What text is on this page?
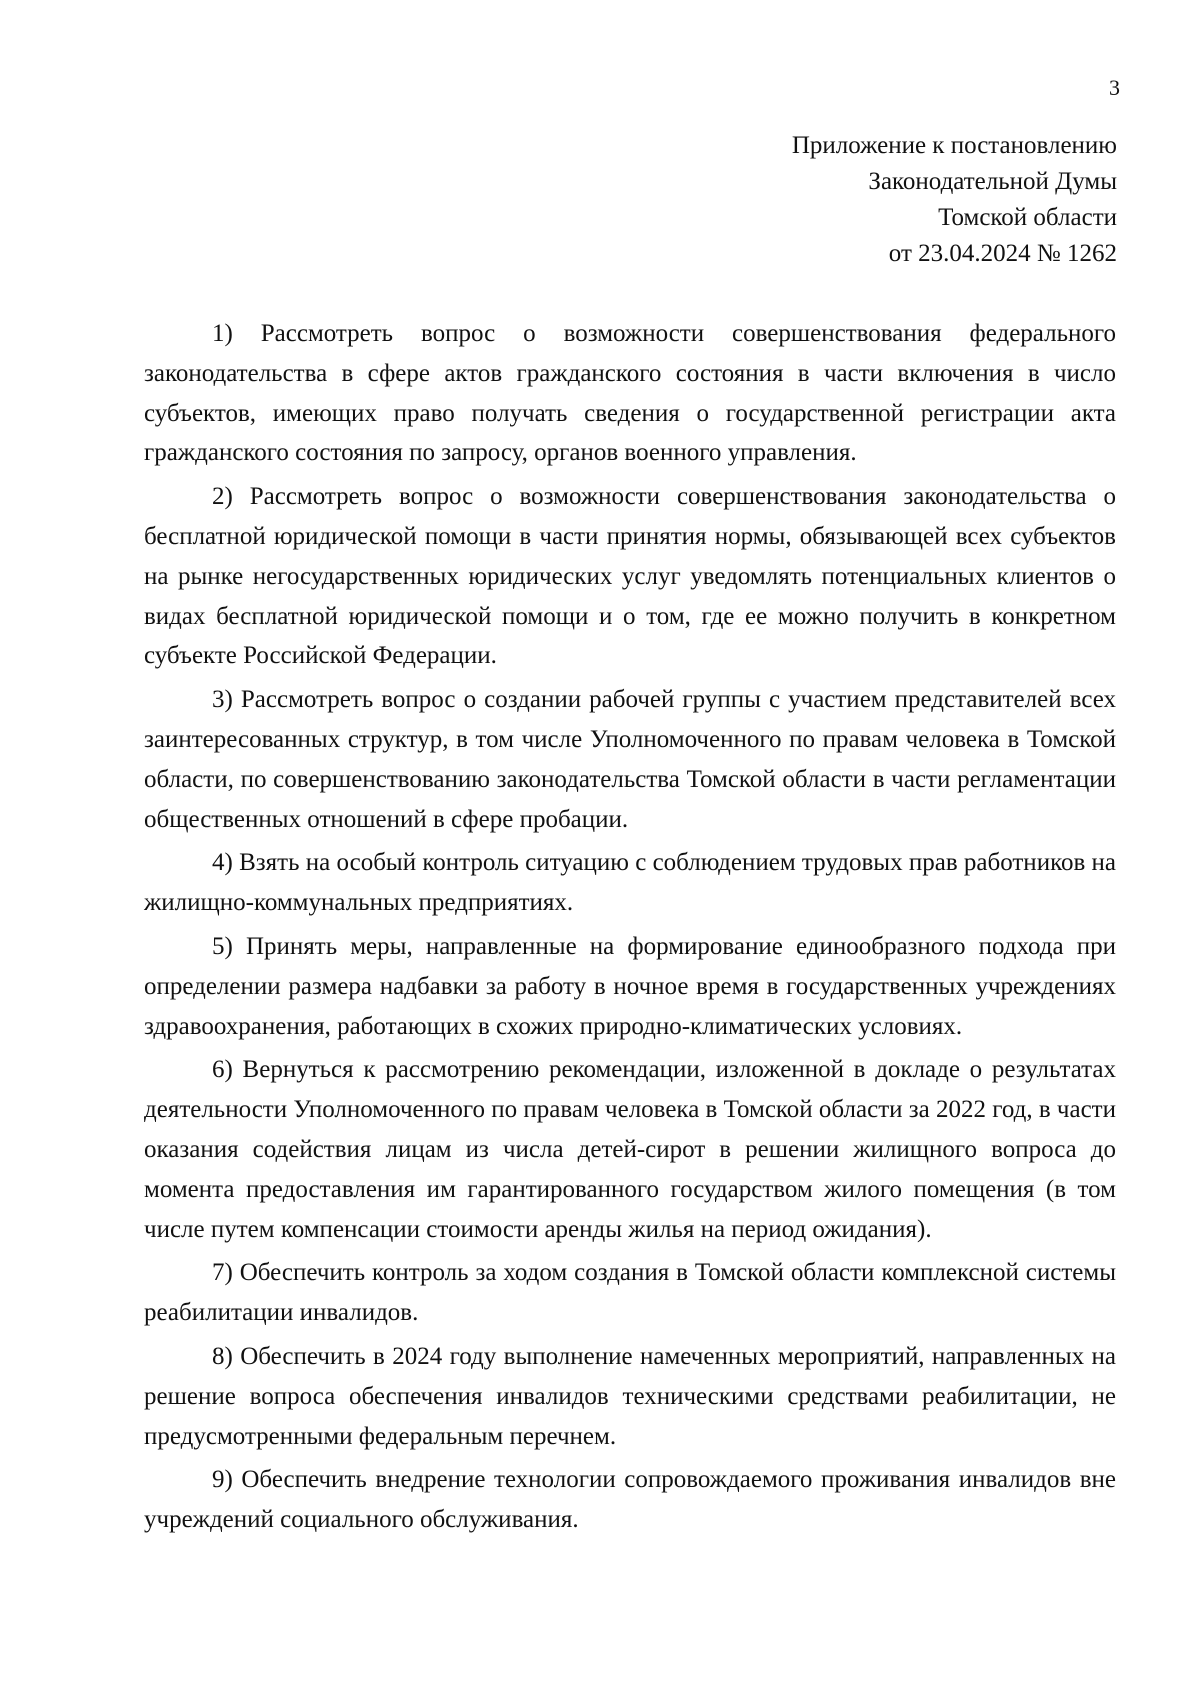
3
Приложение к постановлению
Законодательной Думы
Томской области
от 23.04.2024 № 1262

1) Рассмотреть вопрос о возможности совершенствования федерального законодательства в сфере актов гражданского состояния в части включения в число субъектов, имеющих право получать сведения о государственной регистрации акта гражданского состояния по запросу, органов военного управления.

2) Рассмотреть вопрос о возможности совершенствования законодательства о бесплатной юридической помощи в части принятия нормы, обязывающей всех субъектов на рынке негосударственных юридических услуг уведомлять потенциальных клиентов о видах бесплатной юридической помощи и о том, где ее можно получить в конкретном субъекте Российской Федерации.

3) Рассмотреть вопрос о создании рабочей группы с участием представителей всех заинтересованных структур, в том числе Уполномоченного по правам человека в Томской области, по совершенствованию законодательства Томской области в части регламентации общественных отношений в сфере пробации.

4) Взять на особый контроль ситуацию с соблюдением трудовых прав работников на жилищно-коммунальных предприятиях.

5) Принять меры, направленные на формирование единообразного подхода при определении размера надбавки за работу в ночное время в государственных учреждениях здравоохранения, работающих в схожих природно-климатических условиях.

6) Вернуться к рассмотрению рекомендации, изложенной в докладе о результатах деятельности Уполномоченного по правам человека в Томской области за 2022 год, в части оказания содействия лицам из числа детей-сирот в решении жилищного вопроса до момента предоставления им гарантированного государством жилого помещения (в том числе путем компенсации стоимости аренды жилья на период ожидания).

7) Обеспечить контроль за ходом создания в Томской области комплексной системы реабилитации инвалидов.

8) Обеспечить в 2024 году выполнение намеченных мероприятий, направленных на решение вопроса обеспечения инвалидов техническими средствами реабилитации, не предусмотренными федеральным перечнем.

9) Обеспечить внедрение технологии сопровождаемого проживания инвалидов вне учреждений социального обслуживания.
